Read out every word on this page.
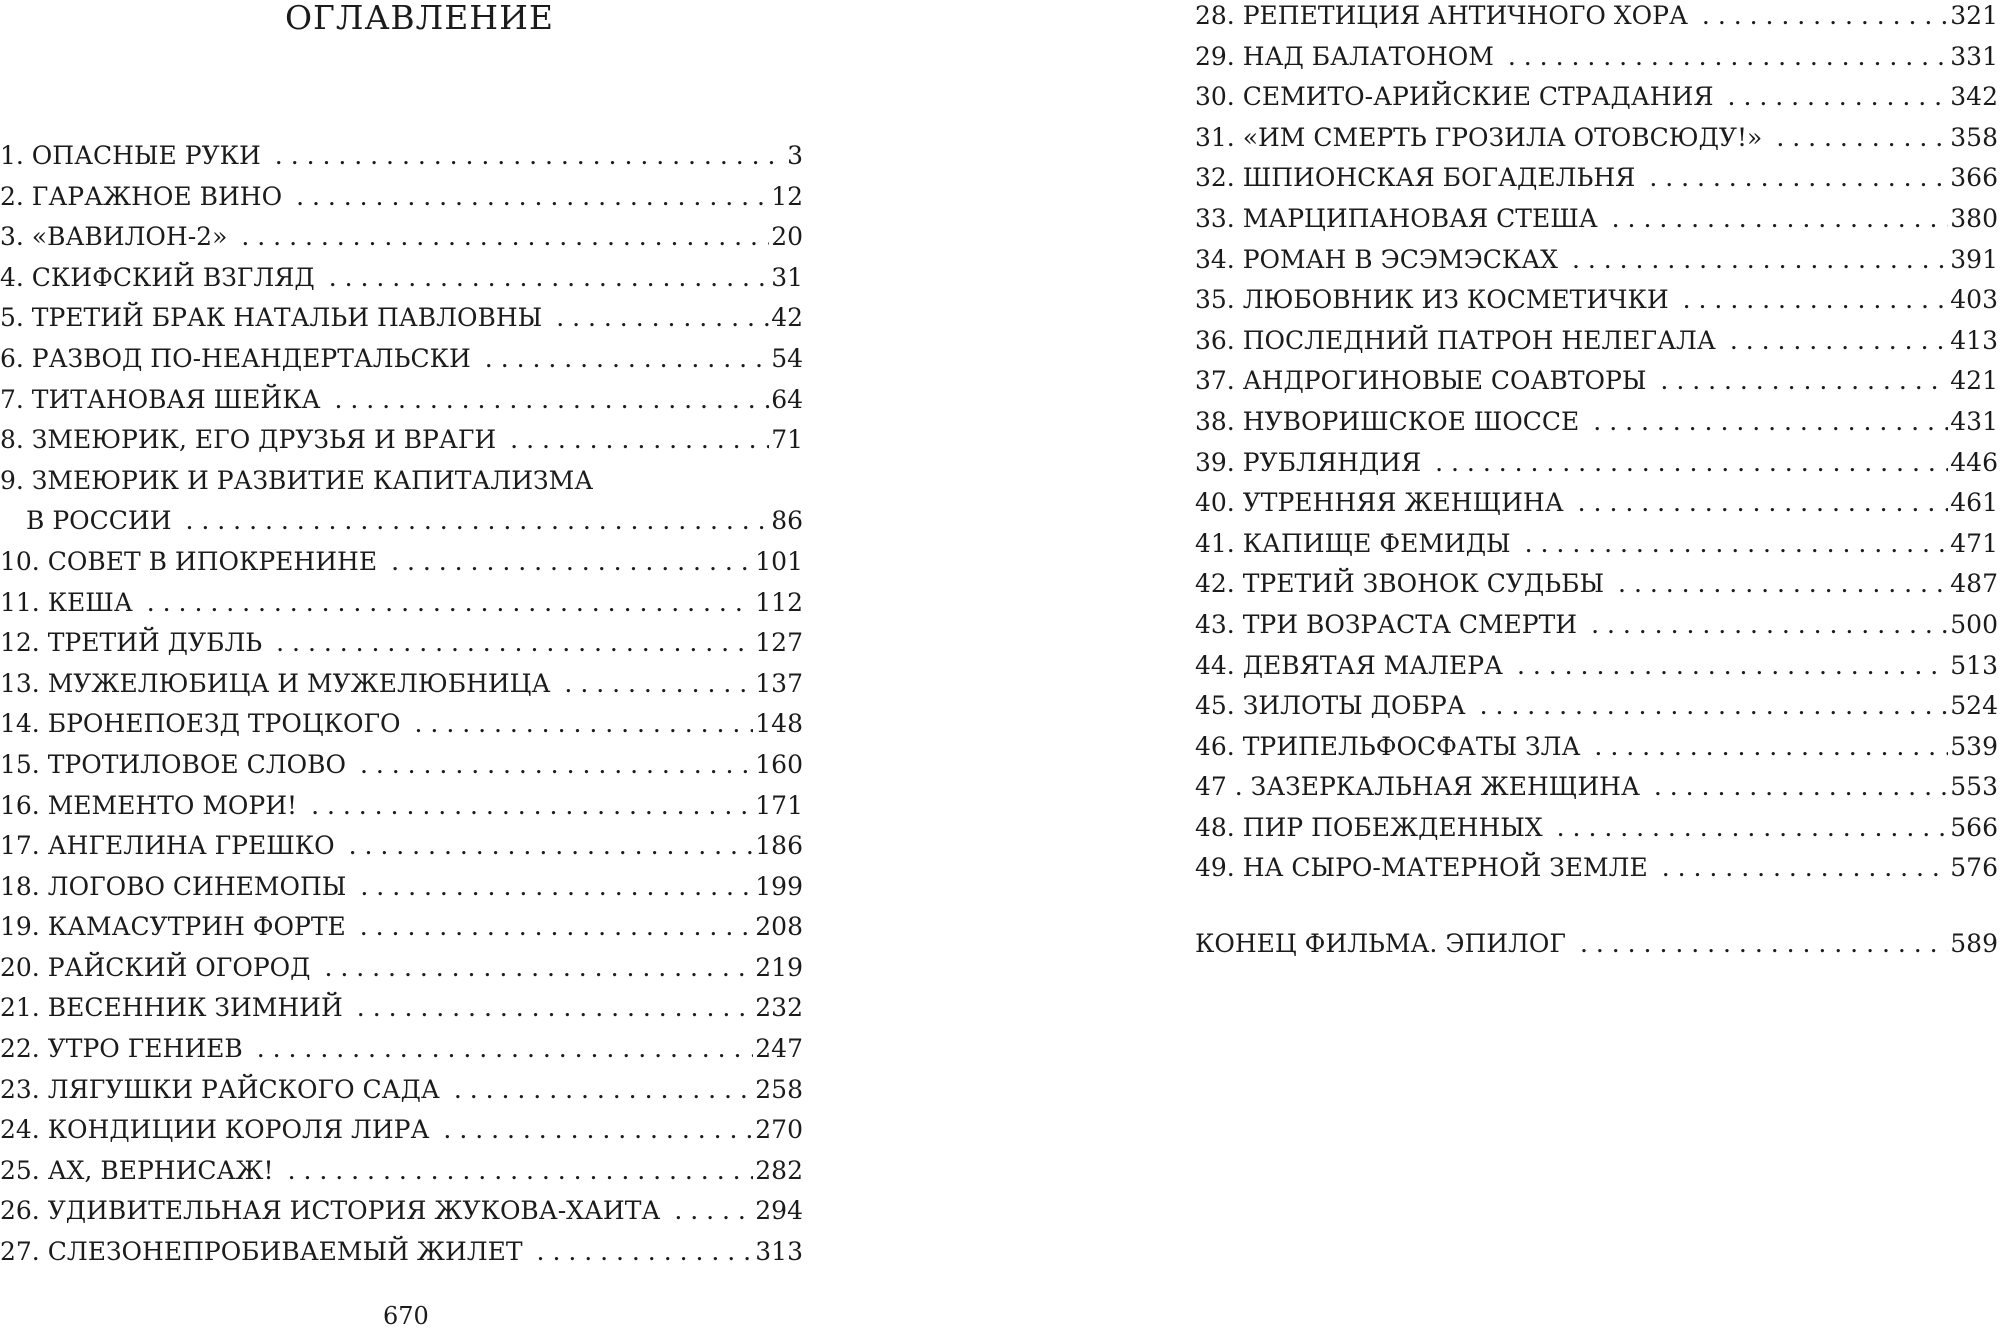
ОГЛАВЛЕНИЕ
1. ОПАСНЫЕ РУКИ . . .	3
2. ГАРАЖНОЕ ВИНО . . .	12
3. «ВАВИЛОН-2» . . .	20
4. СКИФСКИЙ ВЗГЛЯД . . .	31
5. ТРЕТИЙ БРАК НАТАЛЬИ ПАВЛОВНЫ . . .	42
6. РАЗВОД ПО-НЕАНДЕРТАЛЬСКИ . . .	54
7. ТИТАНОВАЯ ШЕЙКА . . .	64
8. ЗМЕЮРИК, ЕГО ДРУЗЬЯ И ВРАГИ . . .	71
9. ЗМЕЮРИК И РАЗВИТИЕ КАПИТАЛИЗМА
В РОССИИ . . .	86
10. СОВЕТ В ИПОКРЕНИНЕ . . .	101
11. КЕША . . .	112
12. ТРЕТИЙ ДУБЛЬ . . .	127
13. МУЖЕЛЮБИЦА И МУЖЕЛЮБНИЦА . . .	137
14. БРОНЕПОЕЗД ТРОЦКОГО . . .	148
15. ТРОТИЛОВОЕ СЛОВО . . .	160
16. МЕМЕНТО МОРИ! . . .	171
17. АНГЕЛИНА ГРЕШКО . . .	186
18. ЛОГОВО СИНЕМОПЫ . . .	199
19. КАМАСУТРИН ФОРТЕ . . .	208
20. РАЙСКИЙ ОГОРОД . . .	219
21. ВЕСЕННИК ЗИМНИЙ . . .	232
22. УТРО ГЕНИЕВ . . .	247
23. ЛЯГУШКИ РАЙСКОГО САДА . . .	258
24. КОНДИЦИИ КОРОЛЯ ЛИРА . . .	270
25. АХ, ВЕРНИСАЖ! . . .	282
26. УДИВИТЕЛЬНАЯ ИСТОРИЯ ЖУКОВА-ХАИТА . . .	294
27. СЛЕЗОНЕПРОБИВАЕМЫЙ ЖИЛЕТ . . .	313
670
28. РЕПЕТИЦИЯ АНТИЧНОГО ХОРА . . .	321
29. НАД БАЛАТОНОМ . . .	331
30. СЕМИТО-АРИЙСКИЕ СТРАДАНИЯ . . .	342
31. «ИМ СМЕРТЬ ГРОЗИЛА ОТОВСЮДУ!» . . .	358
32. ШПИОНСКАЯ БОГАДЕЛЬНЯ . . .	366
33. МАРЦИПАНОВАЯ СТЕША . . .	380
34. РОМАН В ЭСЭМЭСКАХ . . .	391
35. ЛЮБОВНИК ИЗ КОСМЕТИЧКИ . . .	403
36. ПОСЛЕДНИЙ ПАТРОН НЕЛЕГАЛА . . .	413
37. АНДРОГИНОВЫЕ СОАВТОРЫ . . .	421
38. НУВОРИШСКОЕ ШОССЕ . . .	431
39. РУБЛЯНДИЯ . . .	446
40. УТРЕННЯЯ ЖЕНЩИНА . . .	461
41. КАПИЩЕ ФЕМИДЫ . . .	471
42. ТРЕТИЙ ЗВОНОК СУДЬБЫ . . .	487
43. ТРИ ВОЗРАСТА СМЕРТИ . . .	500
44. ДЕВЯТАЯ МАЛЕРА . . .	513
45. ЗИЛОТЫ ДОБРА . . .	524
46. ТРИПЕЛЬФОСФАТЫ ЗЛА . . .	539
47 . ЗАЗЕРКАЛЬНАЯ ЖЕНЩИНА . . .	553
48. ПИР ПОБЕЖДЕННЫХ . . .	566
49. НА СЫРО-МАТЕРНОЙ ЗЕМЛЕ . . .	576
КОНЕЦ ФИЛЬМА. ЭПИЛОГ . . .	589
